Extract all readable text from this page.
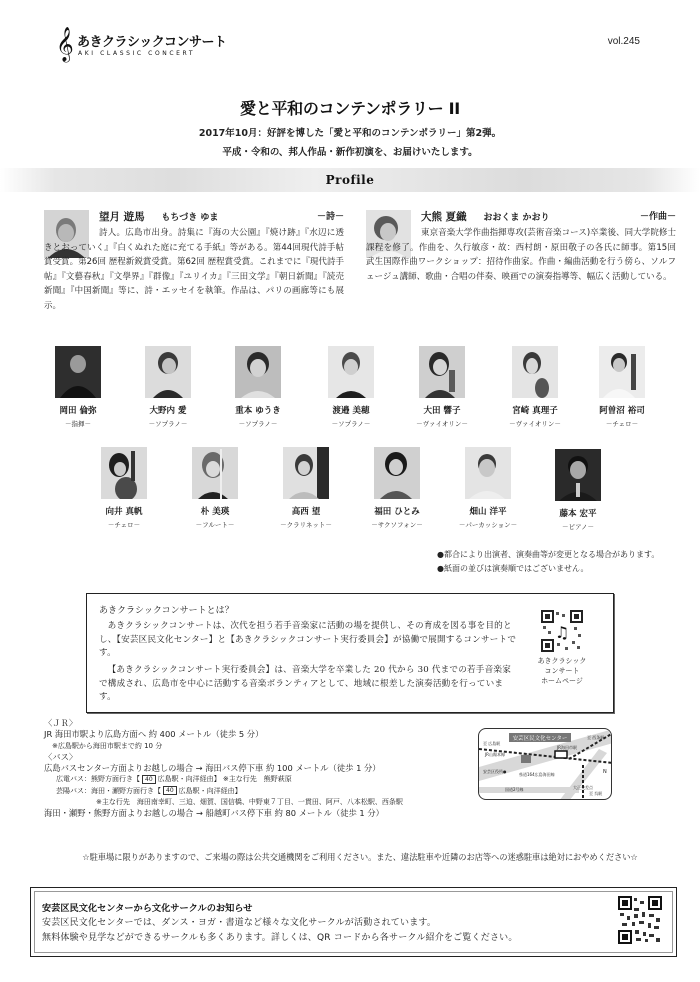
𝄞 あきクラシックコンサート
AKI CLASSIC CONCERT
vol.245
愛と平和のコンテンポラリー II
2017年10月：好評を博した「愛と平和のコンテンポラリー」第2弾。
平成・令和の、邦人作品・新作初演を、お届けいたします。
Profile
望月 遊馬 もちづき ゆま	－詩－
詩人。広島市出身。詩集に『海の大公園』『焼け跡』『水辺に透きとおっていく』『白くぬれた庭に充てる手紙』等がある。第44回現代詩手帖賞受賞。第26回 歴程新鋭賞受賞。第62回 歴程賞受賞。これまでに『現代詩手帖』『文藝春秋』『文學界』『群像』『ユリイカ』『三田文学』『朝日新聞』『読売新聞』『中国新聞』等に、詩・エッセイを執筆。作品は、パリの画廊等にも展示。
大熊 夏織 おおくま かおり	－作曲－
東京音楽大学作曲指揮専攻(芸術音楽コース)卒業後、同大学院修士課程を修了。作曲を、久行敏彦・故：西村朗・原田敬子の各氏に師事。第15回 武生国際作曲ワークショップ：招待作曲家。作曲・編曲活動を行う傍ら、ソルフェージュ講師、歌曲・合唱の伴奏、映画での演奏指導等、幅広く活動している。
岡田 倫弥
－指揮－
大野内 愛
－ソプラノ－
重本 ゆうき
－ソプラノ－
渡邉 美穂
－ソプラノ－
大田 響子
－ヴァイオリン－
宮崎 真理子
－ヴァイオリン－
阿曽沼 裕司
－チェロ－
向井 真帆
－チェロ－
朴 美瑛
－フルート－
高西 望
－クラリネット－
福田 ひとみ
－サクソフォン－
畑山 洋平
－パーカッション－
藤本 宏平
－ピアノ－
●都合により出演者、演奏曲等が変更となる場合があります。
●紙面の並びは演奏順ではございません。
あきクラシックコンサートとは？
あきクラシックコンサートは、次代を担う若手音楽家に活動の場を提供し、その育成を図る事を目的とし、【安芸区民文化センター】と【あきクラシックコンサート実行委員会】が協働で展開するコンサートです。
【あきクラシックコンサート実行委員会】は、音楽大学を卒業した 20 代から 30 代までの若手音楽家で構成され、広島市を中心に活動する音楽ボランティアとして、地域に根差した演奏活動を行っています。
♫
あきクラシック
コンサート
ホームページ
〈ＪＲ〉
JR 海田市駅より広島方面へ 約 400 メートル（徒歩 5 分）
※広島駅から海田市駅まで約 10 分
〈バス〉
広島バスセンター方面よりお越しの場合 → 海田バス停下車 約 100 メートル（徒歩 1 分）
広電バス：熊野方面行き【 40 広島駅・向洋経由】 ※主な行先　熊野萩原
芸陽バス：海田・瀬野方面行き【 40 広島駅・向洋経由】
※主な行先　海田南幸町、三迫、畑賀、国信橋、中野東７丁目、一貫田、阿戸、八本松駅、西条駅
海田・瀬野・熊野方面よりお越しの場合 → 船越町バス停下車 約 80 メートル（徒歩 1 分）
安芸区民文化センター
JR海田市駅
至 広島駅
JR山陽本線
安芸区役所●
県道164広島海田線
国道2号線
至 西条駅
大正交差点
至 呉駅
N
☆駐車場に限りがありますので、ご来場の際は公共交通機関をご利用ください。また、違法駐車や近隣のお店等への迷惑駐車は絶対におやめください☆
安芸区民文化センターから文化サークルのお知らせ
安芸区民文化センターでは、ダンス・ヨガ・書道など様々な文化サークルが活動されています。
無料体験や見学などができるサークルも多くあります。詳しくは、QR コードから各サークル紹介をご覧ください。
